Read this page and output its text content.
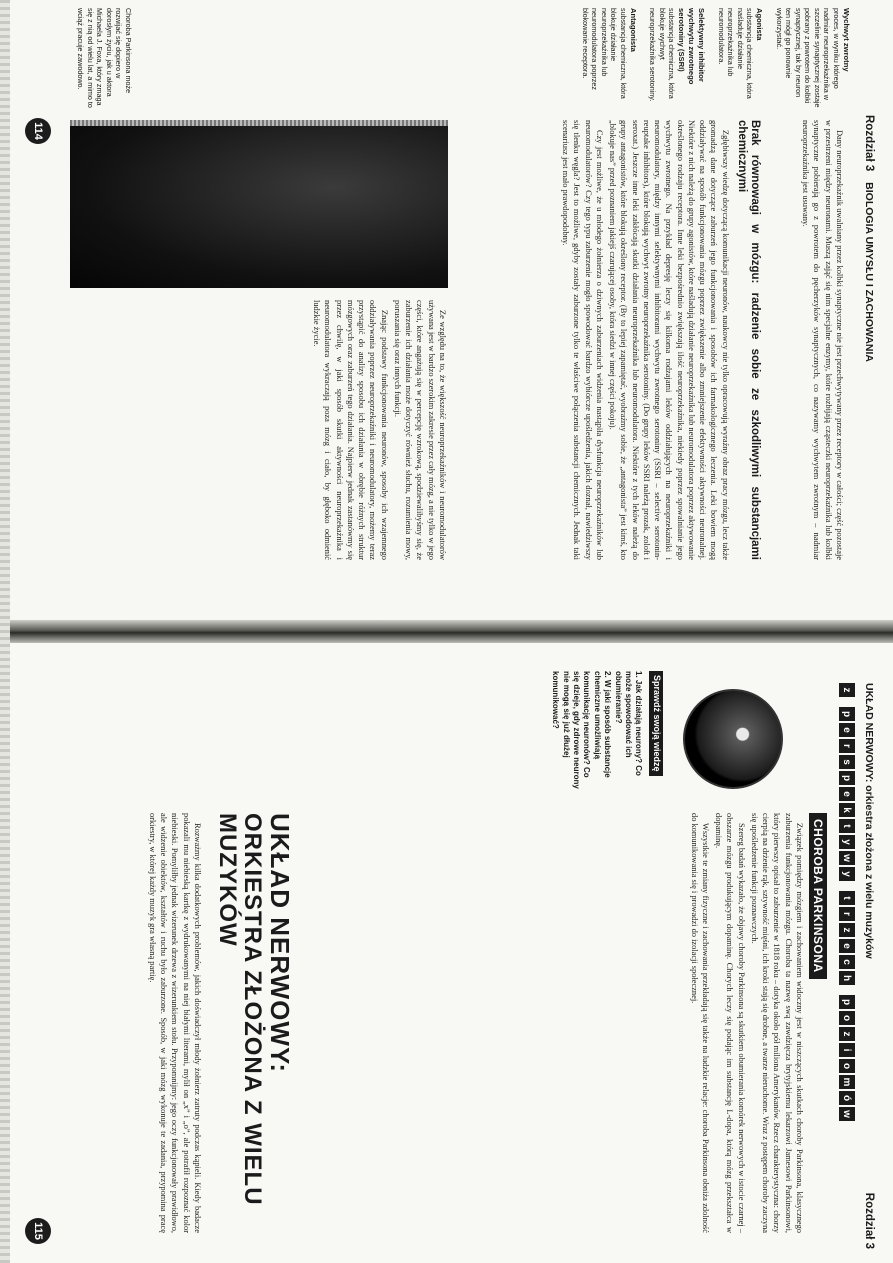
Rozdział 3 BIOLOGIA UMYSŁU I ZACHOWANIA
Wychwyt zwrotny
proces, w wyniku którego nadmiar neuroprzekaźnika w szczelinie synaptycznej zostaje pobrany z powrotem do kolbki synaptycznej, tak by neuron ten mógł go ponownie wykorzystać.
Agonista
substancja chemiczna, która naśladuje działanie neuroprzekaźnika lub neuromodulatora.
Selektywny inhibitor wychwytu zwrotnego serotoniny (SSRI)
substancja chemiczna, która blokuje wychwyt neuroprzekaźnika serotoniny.
Antagonista
substancja chemiczna, która blokuje działanie neuroprzekaźnika lub neuromodulatora poprzez blokowanie receptora.
Choroba Parkinsona może rozwijać się dopiero w dorosłym życiu, jak u aktora Michaela J. Foxa, który zmaga się z nią od wielu lat, a mimo to wciąż pracuje zawodowo.

Dany neuroprzekaźnik uwalniany przez kolbki synaptyczne nie jest przechwytywany przez receptory w całości; część pozostaje w przestrzeni między neuronami. Muszą zająć się nim specjalne enzymy, które rozbijają cząsteczki neuroprzekaźnika lub kolbki synaptyczne pobierają go z powrotem do pęcherzyków synaptycznych, co nazywamy wychwytem zwrotnym – nadmiar neuroprzekaźnika jest usuwany.

Brak równowagi w mózgu: radzenie sobie ze szkodliwymi substancjami chemicznymi

Zgłębiwszy wiedzę dotyczącą komunikacji neuronów, naukowcy nie tylko opracowują wyraźny obraz pracy mózgu, lecz także gromadzą dane dotyczące zaburzeń jego funkcjonowania i sposobów ich farmakologicznego leczenia. Leki bowiem mogą oddziaływać na sposób funkcjonowania mózgu poprzez zwiększenie albo zmniejszenie efektywności aktywności neuronalnej. Niektóre z nich należą do grupy agonistów, które naśladują działanie neuroprzekaźnika lub neuromodulatora poprzez aktywowanie określonego rodzaju receptora. Inne leki bezpośrednio zwiększają ilość neuroprzekaźnika, niekiedy poprzez spowalnianie jego wychwytu zwrotnego. Na przykład depresję leczy się kilkoma rodzajami leków oddziałujących na neuroprzekaźniki i neuromodulatory, między innymi selektywnymi inhibitorami wychwytu zwrotnego serotoniny (SSRI – selective serotonin-reuptake inhibitors), które blokują wychwyt zwrotny neuroprzekaźnika serotoniny. (Do grupy leków SSRI należą prozak, zoloft i seroxat.) Jeszcze inne leki zakłócają skutki działania neuroprzekaźnika lub neuromodulatora. Niektóre z tych leków należą do grupy antagonistów, które blokują określony receptor. (By to lepiej zapamiętać, wyobraźmy sobie, że „antagonista” jest kimś, kto „blokuje nas” przed poznaniem jakiejś czarującej osoby, która siedzi w innej części pokoju).

Czy jest możliwe, że u młodego żołnierza o dziwnych zaburzeniach widzenia nastąpiła dysfunkcja neuroprzekaźników lub neuromodulatorów? Czy tego typu zaburzenie mogło spowodować bardzo wybiórcze upośledzenia, jakich doznał, nawiedziwszy się tlenku węgla? Jest to możliwe, gdyby zostały zaburzone tylko te właściwe połączenia substancji chemicznych. Jednak taki scenariusz jest mało prawdopodobny.

Ze względu na to, że większość neuroprzekaźników i neuromodulatorów używana jest w bardzo szerokim zakresie przez cały mózg, a nie tylko w jego części, które angażują się w percepcję wzrokową, spodziewalibyśmy się, że zaburzenie ich działania może dotyczyć również słuchu, rozumienia mowy, poruszania się oraz innych funkcji.

Znając podstawy funkcjonowania neuronów, sposoby ich wzajemnego oddziaływania poprzez neuroprzekaźniki i neuromodulatory, możemy teraz przystąpić do analizy sposobu ich działania w obrębie różnych struktur mózgowych oraz zaburzeń tego działania. Najpierw jednak zastanówmy się przez chwilę, w jaki sposób skutki aktywności neuroprzekaźnika i neuromodulatora wykraczają poza mózg i ciało, by głęboko odmienić ludzkie życie.

114
UKŁAD NERWOWY: orkiestra złożona z wielu muzyków
Rozdział 3
z
p
e
r
s
p
e
k
t
y
w
y
t
r
z
e
c
h
p
o
z
i
o
m
ó
w
Sprawdź swoją wiedzę
1. Jak działają neurony? Co może spowodować ich obumieranie?
2. W jaki sposób substancje chemiczne umożliwiają komunikację neuronów? Co się dzieje, gdy zdrowe neurony nie mogą się już dłużej komunikować?
CHOROBA PARKINSONA

Związek pomiędzy mózgiem i zachowaniem widoczny jest w niszczących skutkach choroby Parkinsona, klasycznego zaburzenia funkcjonowania mózgu. Choroba ta nazwę swą zawdzięcza brytyjskiemu lekarzowi Jamesowi Parkinsonowi, który pierwszy opisał to zaburzenie w 1818 roku – dotyka około pół miliona Amerykanów. Rzecz charakterystyczna: chorzy cierpią na drżenie rąk, sztywność mięśni, ich kroki stają się drobne, a twarze nieruchome. Wraz z postępem choroby zaczyna się upośledzenie funkcji poznawczych.

Szereg badań wykazało, że objawy choroby Parkinsona są skutkiem obumierania komórek nerwowych w istocie czarnej – obszarze mózgu produkującym dopaminę. Chorych leczy się podając im substancję L-dopa, którą mózg przekształca w dopaminę.

Wszystkie te zmiany fizyczne i zachowania przekładają się także na ludzkie relacje: choroba Parkinsona obniża zdolność do komunikowania się i prowadzi do izolacji społecznej.

UKŁAD NERWOWY:
ORKIESTRA ZŁOŻONA Z WIELU MUZYKÓW

Rozważmy kilka dodatkowych problemów, jakich doświadczył młody żołnierz zatruty podczas kąpieli. Kiedy badacze pokazali mu niebieską kartkę z wydrukowanymi na niej białymi literami, mylił on „x” i „o”, ale potrafił rozpoznać kolor niebieski. Pomyliłby jednak wizerunek drzewa z wizerunkiem stołu. Przypomnijmy: jego oczy funkcjonowały prawidłowo, ale widzenie obiektów, kształtów i ruchu było zaburzone. Sposób, w jaki mózg wykonuje te zadania, przypomina pracę orkiestry, w której każdy muzyk gra własną partię.

115
